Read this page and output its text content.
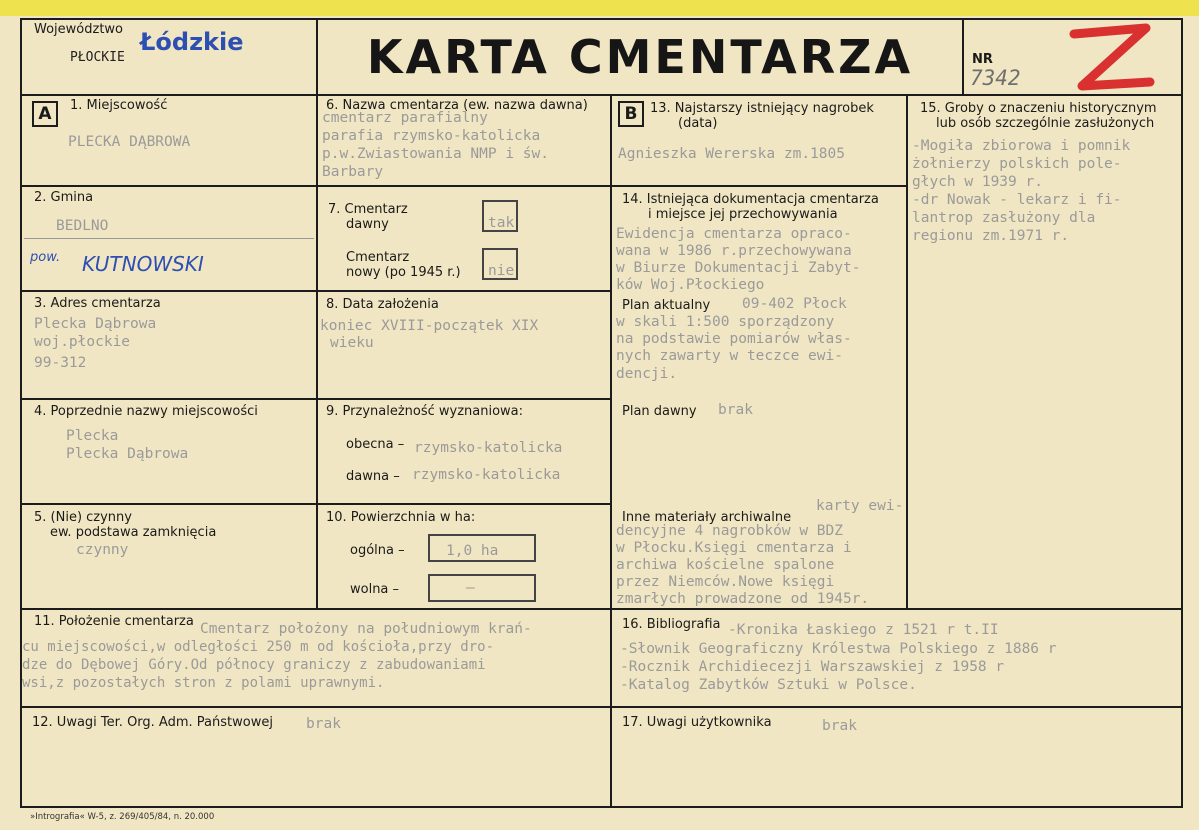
Województwo
PŁOCKIE
Łódzkie	KARTA CMENTARZA	NR
7342
A	1. Miejscowość
PLECKA DĄBROWA
2. Gmina
BEDLNO
pow. KUTNOWSKI
3. Adres cmentarza
Plecka Dąbrowa
woj.płockie
99-312
4. Poprzednie nazwy miejscowości
Plecka
Plecka Dąbrowa
5. (Nie) czynny
ew. podstawa zamknięcia
czynny
6. Nazwa cmentarza (ew. nazwa dawna)
cmentarz parafialny
parafia rzymsko-katolicka
p.w.Zwiastowania NMP i św.
Barbary
7. Cmentarz
dawny	tak
Cmentarz
nowy (po 1945 r.) nie
8. Data założenia
koniec XVIII-początek XIX
wieku
9. Przynależność wyznaniowa:
obecna – rzymsko-katolicka
dawna – rzymsko-katolicka
10. Powierzchnia w ha:
ogólna –	1,0 ha
wolna –	–
B 13. Najstarszy istniejący nagrobek
(data)
Agnieszka Wererska zm.1805
14. Istniejąca dokumentacja cmentarza
i miejsce jej przechowywania
Ewidencja cmentarza opraco-
wana w 1986 r.przechowywana
w Biurze Dokumentacji Zabyt-
ków Woj.Płockiego
Plan aktualny 09-402 Płock
w skali 1:500 sporządzony
na podstawie pomiarów włas-
nych zawarty w teczce ewi-
dencji.
Plan dawny brak
karty ewi-
Inne materiały archiwalne
dencyjne 4 nagrobków w BDZ
w Płocku.Księgi cmentarza i
archiwa kościelne spalone
przez Niemców.Nowe księgi
zmarłych prowadzone od 1945r.
15. Groby o znaczeniu historycznym
lub osób szczególnie zasłużonych
-Mogiła zbiorowa i pomnik
żołnierzy polskich pole-
głych w 1939 r.
-dr Nowak - lekarz i fi-
lantrop zasłużony dla
regionu zm.1971 r.
11. Położenie cmentarza Cmentarz położony na południowym krań-
cu miejscowości,w odległości 250 m od kościoła,przy dro-
dze do Dębowej Góry.Od północy graniczy z zabudowaniami
wsi,z pozostałych stron z polami uprawnymi.
16. Bibliografia -Kronika Łaskiego z 1521 r t.II
-Słownik Geograficzny Królestwa Polskiego z 1886 r
-Rocznik Archidiecezji Warszawskiej z 1958 r
-Katalog Zabytków Sztuki w Polsce.
12. Uwagi Ter. Org. Adm. Państwowej brak	17. Uwagi użytkownika	brak
»Intrografia« W-5, z. 269/405/84, n. 20.000
